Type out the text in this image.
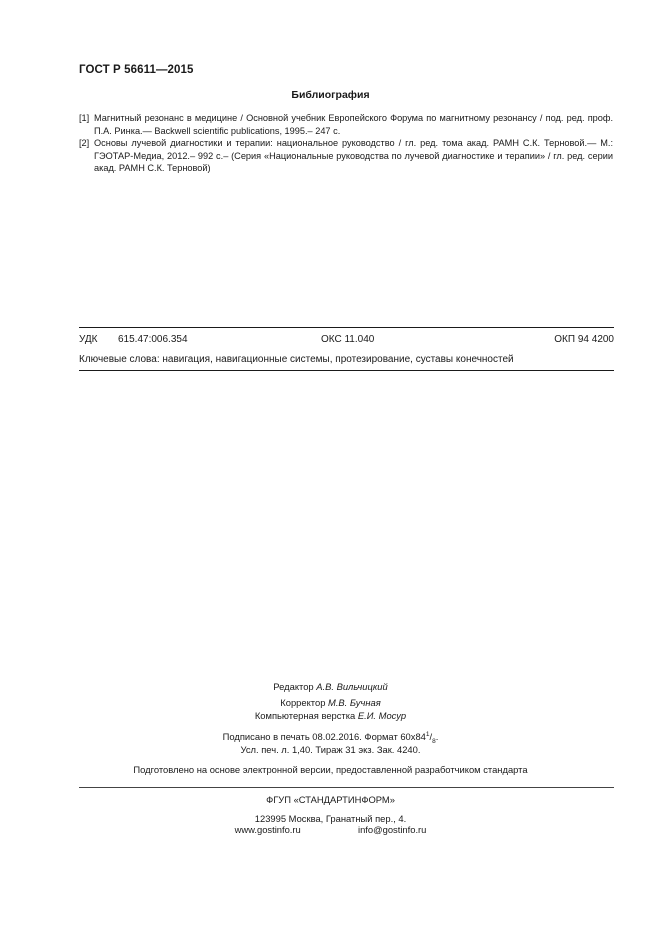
ГОСТ Р 56611—2015
Библиография
[1] Магнитный резонанс в медицине / Основной учебник Европейского Форума по магнитному резонансу / под. ред. проф. П.А. Ринка.— Backwell scientific publications, 1995.– 247 с.
[2] Основы лучевой диагностики и терапии: национальное руководство / гл. ред. тома акад. РАМН С.К. Терновой.— М.: ГЭОТАР-Медиа, 2012.– 992 с.– (Серия «Национальные руководства по лучевой диагностике и терапии» / гл. ред. серии акад. РАМН С.К. Терновой)
УДК 615.47:006.354	ОКС 11.040	ОКП 94 4200
Ключевые слова: навигация, навигационные системы, протезирование, суставы конечностей
Редактор А.В. Вильчицкий
Корректор М.В. Бучная
Компьютерная верстка Е.И. Мосур
Подписано в печать 08.02.2016. Формат $60x84^1/_8$.
Усл. печ. л. 1,40. Тираж 31 экз. Зак. 4240.
Подготовлено на основе электронной версии, предоставленной разработчиком стандарта
ФГУП «СТАНДАРТИНФОРМ»
123995 Москва, Гранатный пер., 4.
www.gostinfo.ru	info@gostinfo.ru
